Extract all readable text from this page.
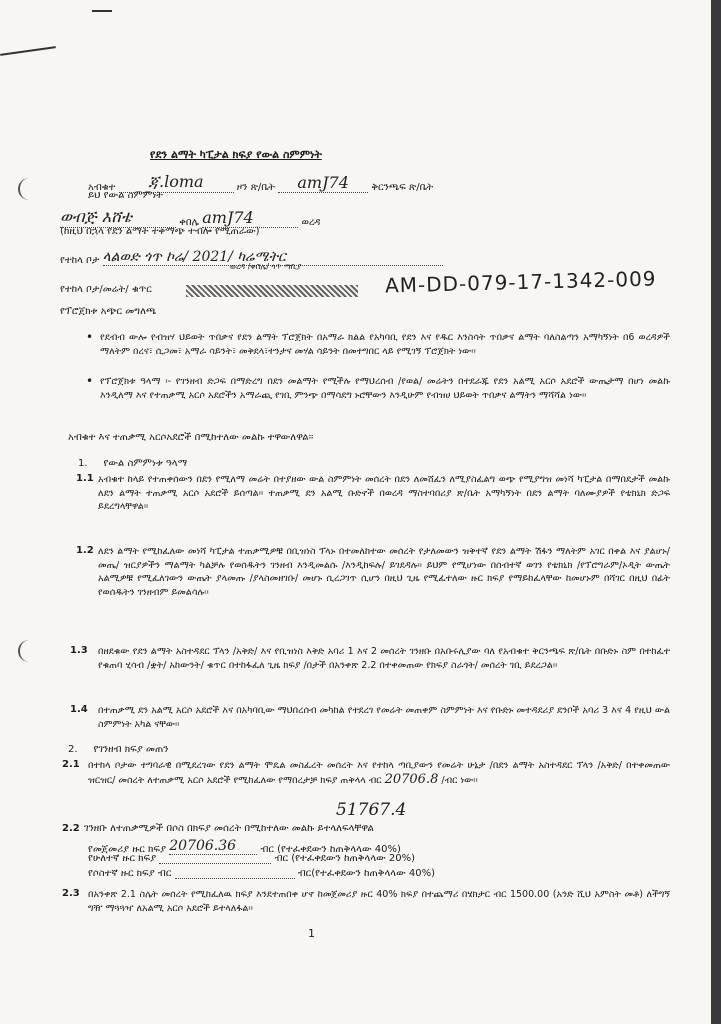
የደን ልማት ካፒታል ክፍያ የውል ስምምነት
አብቁተ ጃ.loma	ዞን ጽ/ቤት amJ74 ቅርንጫፍ ጽ/ቤት
ይህ የውል ስምምነት
ወብጅ እሸቴ	ቀበሌ amJ74	ወረዳ
(ከዚህ በኋላ የደን ልማት ተቀማጭ ተብሎ የሚጠራው)
የተከላ ቦታ ላልወድ ጎጥ ኮሬ/ 2021/ ካሬሜትር
ወረዳ /ቀበሌ/ ጎጥ ጣቢያ
የተከላ ቦታ/መሬት/ ቁጥር	AM-DD-079-17-1342-009
የፕሮጀክቱ አጭር መግለጫ
• የደብብ ውሎ የብዝሃ ህይወት ጥበቃና የደን ልማት ፕሮጀክት በአማራ ክልል የአካባቢ የደን እና የዱር እንስሳት ጥበቃና ልማት ባለስልጣን አማካኝነት በ6 ወረዳዎች ማለትም በረና፣ ሲጋመ፣ አማራ ሳይንት፣ መቅደላ፣ተንታና መሃል ሳይንት በመተግበር ላይ የሚገኝ ፕሮጀክት ነው፡፡
• የፕሮጀክቱ ዓላማ ፡- የገንዘብ ድጋፍ በማድረግ በደን መልማት የሚችሉ የማህረሰብ /የወል/ መሬትን በተደራጁ የደን አልሚ አርሶ አደሮች ውጤታማ በሆነ መልኩ እንዲለማ እና የተጠቃሚ አርሶ አደሮችን አማራጪ የገቢ ምንጭ በማሳደግ ኑሮቸውን እንዲሁም የብዝሀ ህይወት ጥበቃና ልማትን ማሻሻል ነው፡፡
አብቁተ እና ተጠቃሚ አርሶአደሮች በሚከተለው መልኩ ተዋውለዋል፡፡
1. የውል ስምምነቱ ዓላማ
1.1 አብቁተ ከላይ የተጠቀሰውን በደን የሚለማ መሬት በተያዘው ውል ስምምነት መሰረት በደን ለመሸፈን ለሚያስፈልግ ወጭ የሚያግዝ መነሻ ካፒታል በማበደታች መልኩ ለደን ልማት ተጠቃሚ አርሶ አደሮች ይሰጣል፡፡ ተጠቃሚ ደን አልሚ ቡድኖች በወረዳ ማስተባበሪያ ጽ/ቤት አማካኝነት በደን ልማት ባለሙያዎች የቴክኒክ ድጋፍ ይደረግላቸዋል፡፡
1.2 ለደን ልማት የሚከፈለው መነሻ ካፒታል ተጠቃሚዎቹ በቢዝነስ ፕላኑ በተመለከተው መሰረት የታለመውን ዝቅተኛ የደን ልማት ሽፋን ማለትም አገር በቀል እና ያልሆኑ/መጤ/ ዝርያዎችን ማልማት ካልቻሉ የወሰዱትን ገንዘብ እንዲመልሱ /እንዲከፍሉ/ ይገደዳሉ፡፡ ይህም የሚሆነው በሰብተኛ ወገን የቴክኒክ /የፕሮግራም/ኦዲት ውጤት አልሚዎቹ የሚፈለገውን ውጤት ያላመጡ /ያላስመዘገቡ/ መሆኑ ሲረጋገጥ ሲሆን በዚህ ጊዜ የሚፈተለው ዙር ክፍያ የማይከፈላቸው ከመሆኑም በሻገር በዚህ በፊት የወሰዱትን ገንዘብም ይመልሳሉ፡፡
1.3 በዘደቁው የደን ልማት አስተዳደር ፕላን /አቅድ/ እና የቢዝነስ እቅድ አባሪ 1 እና 2 መሰረት ገንዘቡ በአቡሩሊያው ባለ የአብቁተ ቅርንጫፍ ጽ/ቤት በቡድኑ ስም በተከፈተ የቁጠባ ሂሳብ /ቋት/ አከውንት/ ቁጥር በተከፋፈለ ጊዜ ክፍያ /በታች በአንቀጽ 2.2 በተቀመጠው የክፍያ ስራጎት/ መሰረት ገቢ ይደረጋል፡፡
1.4 በተጠቃሚ ደን አልሚ አርሶ አደሮች እና በአካባቢው ማህበረሰብ መካከል የተደረገ የመሬት መጠቀም ስምምነት እና የቡድኑ መተዳደሪያ ደንቦች አባሪ 3 እና 4 የዚህ ውል ስምምነት አካል ናቸው፡፡
2. የገንዘብ ክፍያ መጠን
2.1 በተከላ ቦታው ተግባራዊ በሚደረገው የደን ልማት ሞዴል መስፈረት መሰረት እና የተከላ ጣቢያውን የመሬት ሁኔታ /በደን ልማት አስተዳደር ፕላን /አቅድ/ በተቀመጠው ዝርዝር/ መሰረት ለተጠቃሚ አርሶ አደሮች የሚከፈለው የማበረታቻ ክፍያ ጠቅላላ ብር 20706.8 /ብር ነው፡፡
51767.4
2.2 ገንዘቡ ለተጠቃሚዎች በሶስ በክፍያ መሰረት በሚከተለው መልኩ ይተላለፍላቸዋል
የመጀመሪያ ዙር ክፍያ 20706.36 ብር (የተፈቀደውን ከጠቅላላው 40%)
የሁለተኛ ዙር ክፍያ	ብር (የተፈቀደውን ከጠቅላላው 20%)
የሶስተኛ ዙር ክፍያ ብር	ብር(የተፈቀደውን ከጠቅላላው 40%)
2.3 በአንቀጽ 2.1 ስሌት መሰረት የሚከፈለዉ ክፍያ እንደተጠበቀ ሆኖ ከመጀመሪያ ዙር 40% ክፍያ በተጨማሪ በሄክታር ብር 1500.00 (አንድ ሺህ አምስት መቶ) ለችግኝ ግዥ ማጓጓዣ ለአልሚ አርሶ አደሮች ይተላለፋል፡፡
1
